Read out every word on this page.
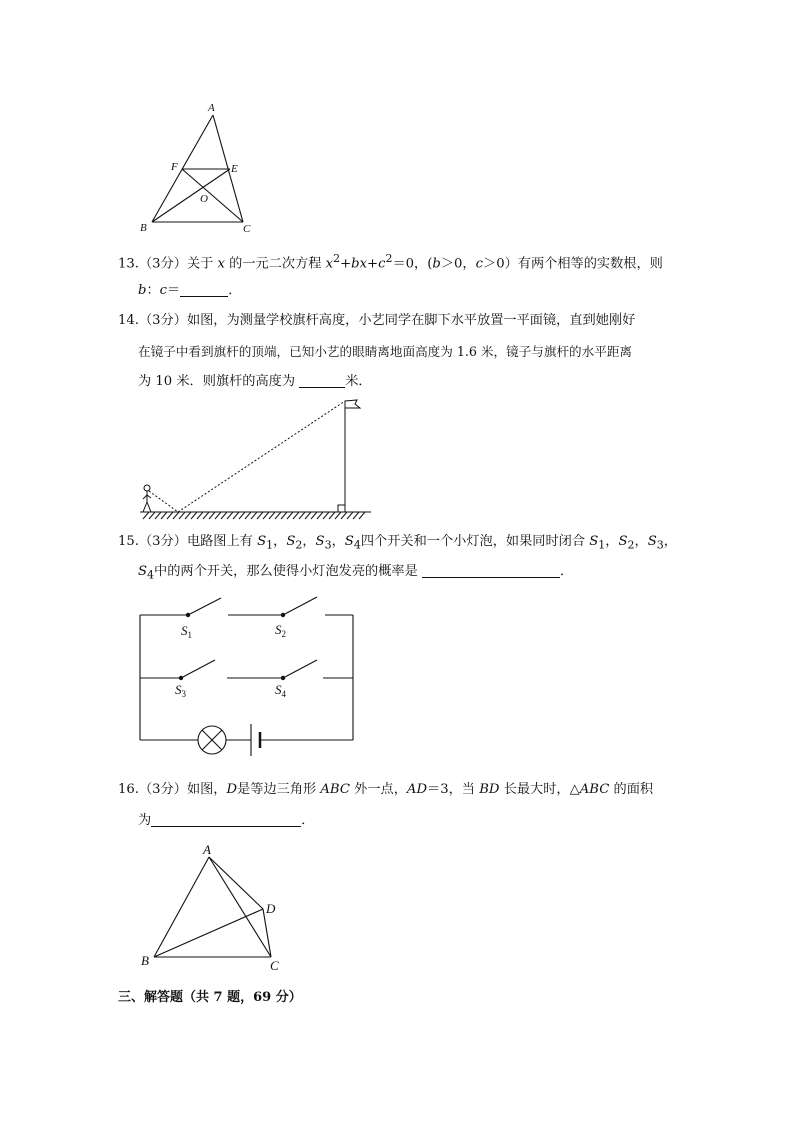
A
F	E
O
B	C
13.（3分）关于 x 的一元二次方程 $x^2+bx+c^2=0$，(b＞0，c＞0）有两个相等的实数根，则
b：c＝	．
14.（3分）如图，为测量学校旗杆高度，小艺同学在脚下水平放置一平面镜，直到她刚好
在镜子中看到旗杆的顶端，已知小艺的眼睛离地面高度为 1.6 米，镜子与旗杆的水平距离
为 10 米．则旗杆的高度为	米．
15.（3分）电路图上有 $S_1$，$S_2$，$S_3$，$S_4$四个开关和一个小灯泡，如果同时闭合 $S_1$，$S_2$，$S_3$，
$S_4$中的两个开关，那么使得小灯泡发亮的概率是	．
$S_1$	$S_2$
$S_3$	$S_4$
16.（3分）如图，D是等边三角形 ABC 外一点，AD＝3，当 BD 长最大时，△ABC 的面积
为	．
A
B	C
D
三、解答题（共 7 题，69 分）
